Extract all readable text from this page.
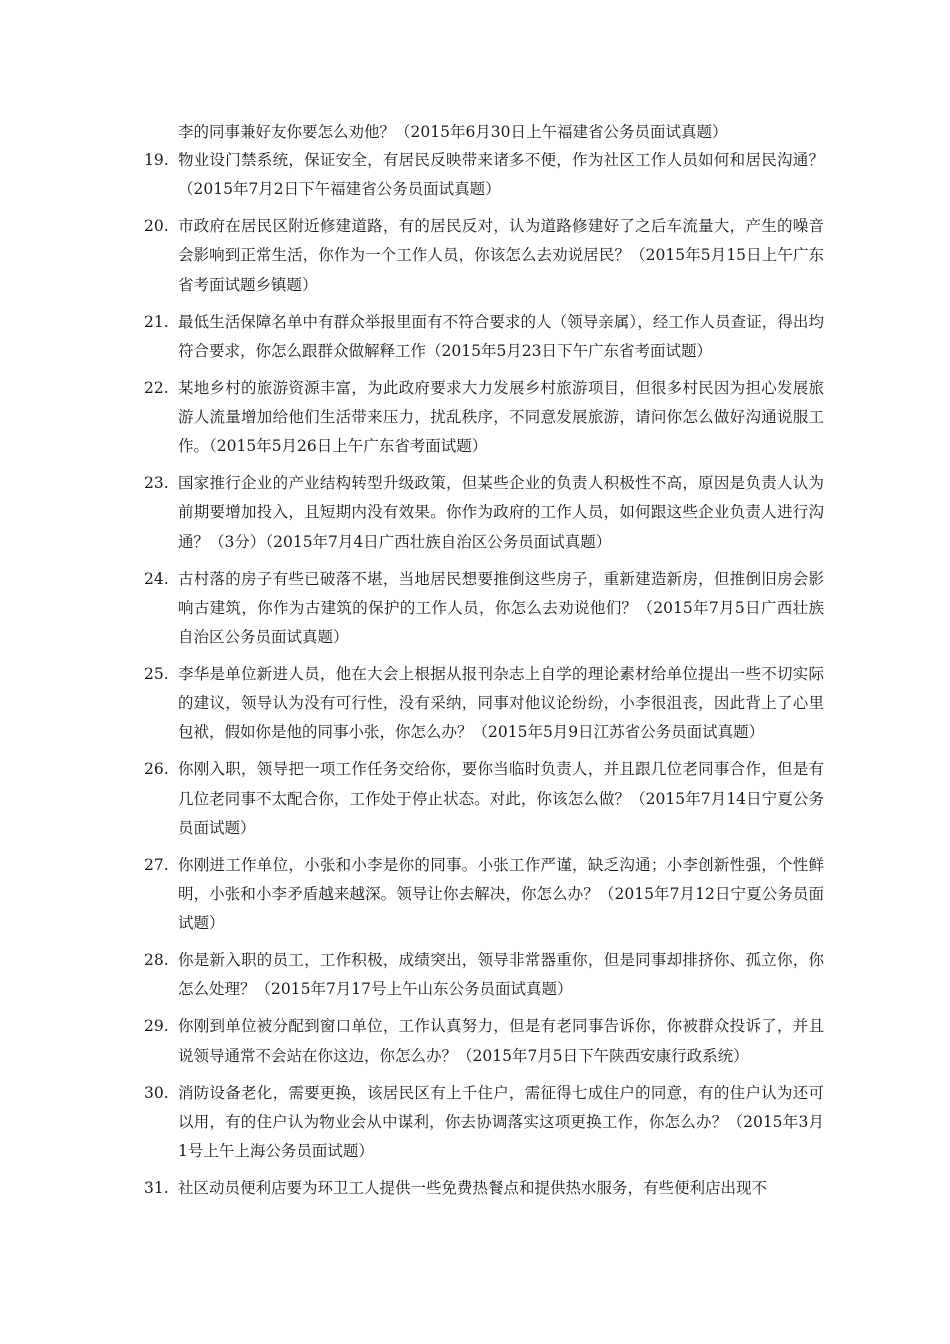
李的同事兼好友你要怎么劝他？（2015年6月30日上午福建省公务员面试真题）
19. 物业设门禁系统，保证安全，有居民反映带来诸多不便，作为社区工作人员如何和居民沟通？（2015年7月2日下午福建省公务员面试真题）
20. 市政府在居民区附近修建道路，有的居民反对，认为道路修建好了之后车流量大，产生的噪音会影响到正常生活，你作为一个工作人员，你该怎么去劝说居民？（2015年5月15日上午广东省考面试题乡镇题）
21. 最低生活保障名单中有群众举报里面有不符合要求的人（领导亲属），经工作人员查证，得出均符合要求，你怎么跟群众做解释工作（2015年5月23日下午广东省考面试题）
22. 某地乡村的旅游资源丰富，为此政府要求大力发展乡村旅游项目，但很多村民因为担心发展旅游人流量增加给他们生活带来压力，扰乱秩序，不同意发展旅游，请问你怎么做好沟通说服工作。（2015年5月26日上午广东省考面试题）
23. 国家推行企业的产业结构转型升级政策，但某些企业的负责人积极性不高，原因是负责人认为前期要增加投入，且短期内没有效果。你作为政府的工作人员，如何跟这些企业负责人进行沟通？（3分）（2015年7月4日广西壮族自治区公务员面试真题）
24. 古村落的房子有些已破落不堪，当地居民想要推倒这些房子，重新建造新房，但推倒旧房会影响古建筑，你作为古建筑的保护的工作人员，你怎么去劝说他们？（2015年7月5日广西壮族自治区公务员面试真题）
25. 李华是单位新进人员，他在大会上根据从报刊杂志上自学的理论素材给单位提出一些不切实际的建议，领导认为没有可行性，没有采纳，同事对他议论纷纷，小李很沮丧，因此背上了心里包袱，假如你是他的同事小张，你怎么办？（2015年5月9日江苏省公务员面试真题）
26. 你刚入职，领导把一项工作任务交给你，要你当临时负责人，并且跟几位老同事合作，但是有几位老同事不太配合你，工作处于停止状态。对此，你该怎么做？（2015年7月14日宁夏公务员面试题）
27. 你刚进工作单位，小张和小李是你的同事。小张工作严谨，缺乏沟通；小李创新性强，个性鲜明，小张和小李矛盾越来越深。领导让你去解决，你怎么办？（2015年7月12日宁夏公务员面试题）
28. 你是新入职的员工，工作积极，成绩突出，领导非常器重你，但是同事却排挤你、孤立你，你怎么处理？（2015年7月17号上午山东公务员面试真题）
29. 你刚到单位被分配到窗口单位，工作认真努力，但是有老同事告诉你，你被群众投诉了，并且说领导通常不会站在你这边，你怎么办？（2015年7月5日下午陕西安康行政系统）
30. 消防设备老化，需要更换，该居民区有上千住户，需征得七成住户的同意，有的住户认为还可以用，有的住户认为物业会从中谋利，你去协调落实这项更换工作，你怎么办？（2015年3月1号上午上海公务员面试题）
31. 社区动员便利店要为环卫工人提供一些免费热餐点和提供热水服务，有些便利店出现不
